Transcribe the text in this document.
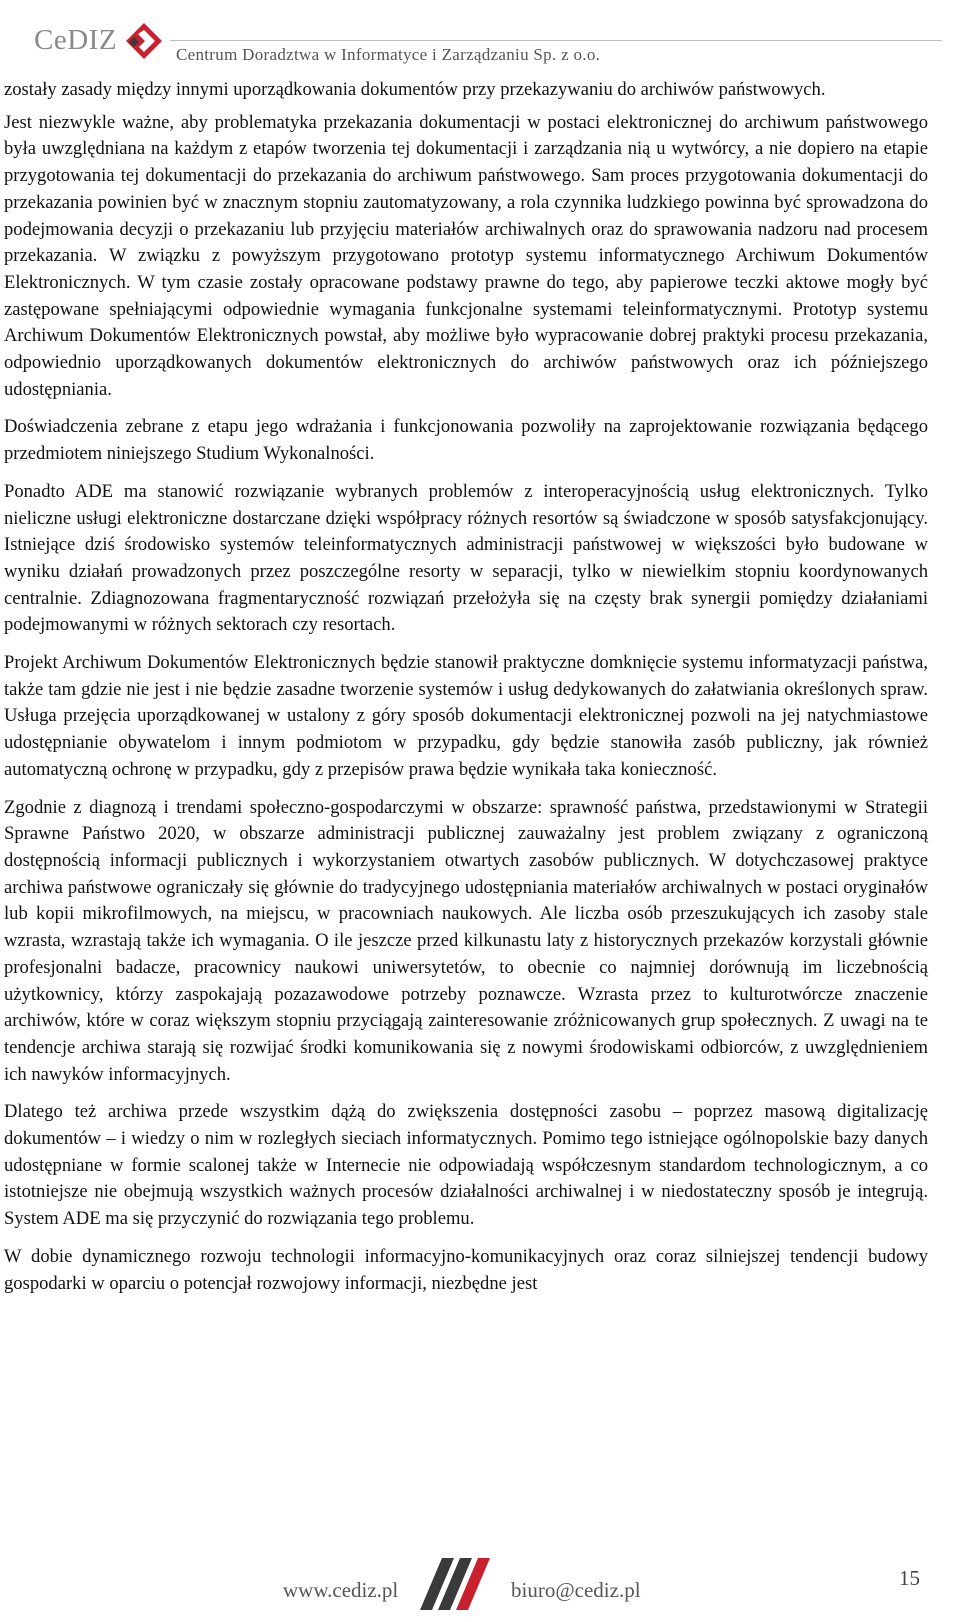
CeDIZ	Centrum Doradztwa w Informatyce i Zarządzaniu Sp. z o.o.

zostały zasady między innymi uporządkowania dokumentów przy przekazywaniu do archiwów państwowych.

Jest niezwykle ważne, aby problematyka przekazania dokumentacji w postaci elektronicznej do archiwum państwowego była uwzględniana na każdym z etapów tworzenia tej dokumentacji i zarządzania nią u wytwórcy, a nie dopiero na etapie przygotowania tej dokumentacji do przekazania do archiwum państwowego. Sam proces przygotowania dokumentacji do przekazania powinien być w znacznym stopniu zautomatyzowany, a rola czynnika ludzkiego powinna być sprowadzona do podejmowania decyzji o przekazaniu lub przyjęciu materiałów archiwalnych oraz do sprawowania nadzoru nad procesem przekazania. W związku z powyższym przygotowano prototyp systemu informatycznego Archiwum Dokumentów Elektronicznych. W tym czasie zostały opracowane podstawy prawne do tego, aby papierowe teczki aktowe mogły być zastępowane spełniającymi odpowiednie wymagania funkcjonalne systemami teleinformatycznymi. Prototyp systemu Archiwum Dokumentów Elektronicznych powstał, aby możliwe było wypracowanie dobrej praktyki procesu przekazania, odpowiednio uporządkowanych dokumentów elektronicznych do archiwów państwowych oraz ich późniejszego udostępniania.

Doświadczenia zebrane z etapu jego wdrażania i funkcjonowania pozwoliły na zaprojektowanie rozwiązania będącego przedmiotem niniejszego Studium Wykonalności.

Ponadto ADE ma stanowić rozwiązanie wybranych problemów z interoperacyjnością usług elektronicznych. Tylko nieliczne usługi elektroniczne dostarczane dzięki współpracy różnych resortów są świadczone w sposób satysfakcjonujący. Istniejące dziś środowisko systemów teleinformatycznych administracji państwowej w większości było budowane w wyniku działań prowadzonych przez poszczególne resorty w separacji, tylko w niewielkim stopniu koordynowanych centralnie. Zdiagnozowana fragmentaryczność rozwiązań przełożyła się na częsty brak synergii pomiędzy działaniami podejmowanymi w różnych sektorach czy resortach.

Projekt Archiwum Dokumentów Elektronicznych będzie stanowił praktyczne domknięcie systemu informatyzacji państwa, także tam gdzie nie jest i nie będzie zasadne tworzenie systemów i usług dedykowanych do załatwiania określonych spraw. Usługa przejęcia uporządkowanej w ustalony z góry sposób dokumentacji elektronicznej pozwoli na jej natychmiastowe udostępnianie obywatelom i innym podmiotom w przypadku, gdy będzie stanowiła zasób publiczny, jak również automatyczną ochronę w przypadku, gdy z przepisów prawa będzie wynikała taka konieczność.

Zgodnie z diagnozą i trendami społeczno-gospodarczymi w obszarze: sprawność państwa, przedstawionymi w Strategii Sprawne Państwo 2020, w obszarze administracji publicznej zauważalny jest problem związany z ograniczoną dostępnością informacji publicznych i wykorzystaniem otwartych zasobów publicznych. W dotychczasowej praktyce archiwa państwowe ograniczały się głównie do tradycyjnego udostępniania materiałów archiwalnych w postaci oryginałów lub kopii mikrofilmowych, na miejscu, w pracowniach naukowych. Ale liczba osób przeszukujących ich zasoby stale wzrasta, wzrastają także ich wymagania. O ile jeszcze przed kilkunastu laty z historycznych przekazów korzystali głównie profesjonalni badacze, pracownicy naukowi uniwersytetów, to obecnie co najmniej dorównują im liczebnością użytkownicy, którzy zaspokajają pozazawodowe potrzeby poznawcze. Wzrasta przez to kulturotwórcze znaczenie archiwów, które w coraz większym stopniu przyciągają zainteresowanie zróżnicowanych grup społecznych. Z uwagi na te tendencje archiwa starają się rozwijać środki komunikowania się z nowymi środowiskami odbiorców, z uwzględnieniem ich nawyków informacyjnych.

Dlatego też archiwa przede wszystkim dążą do zwiększenia dostępności zasobu – poprzez masową digitalizację dokumentów – i wiedzy o nim w rozległych sieciach informatycznych. Pomimo tego istniejące ogólnopolskie bazy danych udostępniane w formie scalonej także w Internecie nie odpowiadają współczesnym standardom technologicznym, a co istotniejsze nie obejmują wszystkich ważnych procesów działalności archiwalnej i w niedostateczny sposób je integrują. System ADE ma się przyczynić do rozwiązania tego problemu.

W dobie dynamicznego rozwoju technologii informacyjno-komunikacyjnych oraz coraz silniejszej tendencji budowy gospodarki w oparciu o potencjał rozwojowy informacji, niezbędne jest

www.cediz.pl	biuro@cediz.pl	15
